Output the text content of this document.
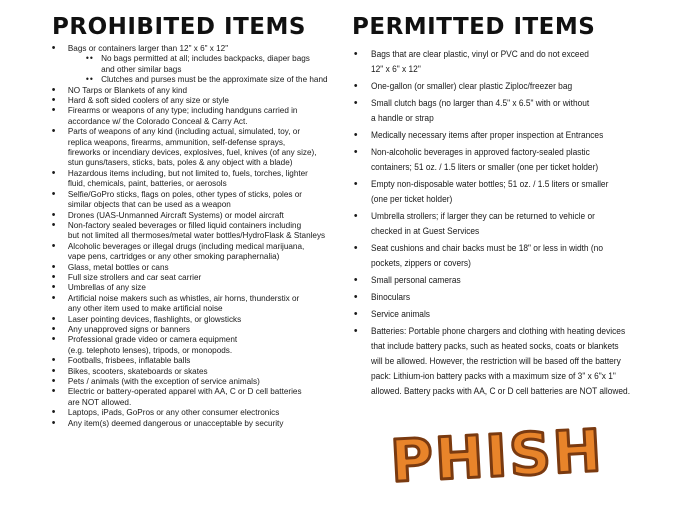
PROHIBITED ITEMS
• Bags or containers larger than 12" x 6" x 12"
•• No bags permitted at all; includes backpacks, diaper bags
and other similar bags
•• Clutches and purses must be the approximate size of the hand
• NO Tarps or Blankets of any kind
• Hard & soft sided coolers of any size or style
• Firearms or weapons of any type; including handguns carried in
accordance w/ the Colorado Conceal & Carry Act.
• Parts of weapons of any kind (including actual, simulated, toy, or
replica weapons, firearms, ammunition, self-defense sprays,
fireworks or incendiary devices, explosives, fuel, knives (of any size),
stun guns/tasers, sticks, bats, poles & any object with a blade)
• Hazardous items including, but not limited to, fuels, torches, lighter
fluid, chemicals, paint, batteries, or aerosols
• Selfie/GoPro sticks, flags on poles, other types of sticks, poles or
similar objects that can be used as a weapon
• Drones (UAS-Unmanned Aircraft Systems) or model aircraft
• Non-factory sealed beverages or filled liquid containers including
but not limited all thermoses/metal water bottles/HydroFlask & Stanleys
• Alcoholic beverages or illegal drugs (including medical marijuana,
vape pens, cartridges or any other smoking paraphernalia)
• Glass, metal bottles or cans
• Full size strollers and car seat carrier
• Umbrellas of any size
• Artificial noise makers such as whistles, air horns, thunderstix or
any other item used to make artificial noise
• Laser pointing devices, flashlights, or glowsticks
• Any unapproved signs or banners
• Professional grade video or camera equipment
(e.g. telephoto lenses), tripods, or monopods.
• Footballs, frisbees, inflatable balls
• Bikes, scooters, skateboards or skates
• Pets / animals (with the exception of service animals)
• Electric or battery-operated apparel with AA, C or D cell batteries
are NOT allowed.
• Laptops, iPads, GoPros or any other consumer electronics
• Any item(s) deemed dangerous or unacceptable by security
PERMITTED ITEMS
• Bags that are clear plastic, vinyl or PVC and do not exceed
12" x 6" x 12"
• One-gallon (or smaller) clear plastic Ziploc/freezer bag
• Small clutch bags (no larger than 4.5" x 6.5" with or without
a handle or strap
• Medically necessary items after proper inspection at Entrances
• Non-alcoholic beverages in approved factory-sealed plastic
containers; 51 oz. / 1.5 liters or smaller (one per ticket holder)
• Empty non-disposable water bottles; 51 oz. / 1.5 liters or smaller
(one per ticket holder)
• Umbrella strollers; if larger they can be returned to vehicle or
checked in at Guest Services
• Seat cushions and chair backs must be 18" or less in width (no
pockets, zippers or covers)
• Small personal cameras
• Binoculars
• Service animals
• Batteries: Portable phone chargers and clothing with heating devices
that include battery packs, such as heated socks, coats or blankets
will be allowed. However, the restriction will be based off the battery
pack: Lithium-ion battery packs with a maximum size of 3" x 6"x 1"
allowed. Battery packs with AA, C or D cell batteries are NOT allowed.
PHISH
